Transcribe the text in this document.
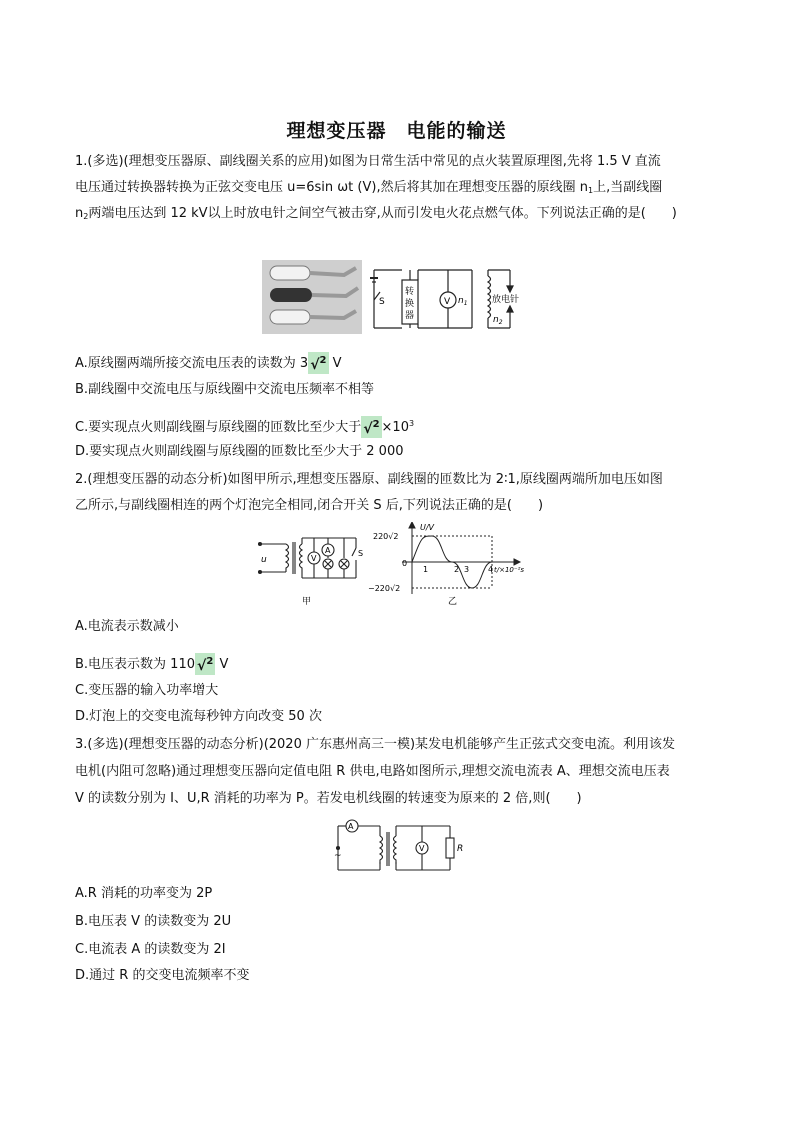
理想变压器　电能的输送
1.(多选)(理想变压器原、副线圈关系的应用)如图为日常生活中常见的点火装置原理图,先将 1.5 V 直流
电压通过转换器转换为正弦交变电压 u=6sin ωt (V),然后将其加在理想变压器的原线圈 $n_1$上,当副线圈
$n_2$两端电压达到 12 kV以上时放电针之间空气被击穿,从而引发电火花点燃气体。下列说法正确的是(　　)
S
转
换
器
V $n_1$
$n_2$
放电针
A.原线圈两端所接交流电压表的读数为 3 √$^2$ V
B.副线圈中交流电压与原线圈中交流电压频率不相等
C.要实现点火则副线圈与原线圈的匝数比至少大于 $√^2 \times 10^3$
D.要实现点火则副线圈与原线圈的匝数比至少大于 2 000
2.(理想变压器的动态分析)如图甲所示,理想变压器原、副线圈的匝数比为 2∶1,原线圈两端所加电压如图
乙所示,与副线圈相连的两个灯泡完全相同,闭合开关 S 后,下列说法正确的是(　　)
u	V
A	S
甲
U/V
220√2
0
−220√2
1	2 3 4 t/×10⁻²s
乙
A.电流表示数减小
B.电压表示数为 110 √$^2$ V
C.变压器的输入功率增大
D.灯泡上的交变电流每秒钟方向改变 50 次
3.(多选)(理想变压器的动态分析)(2020 广东惠州高三一模)某发电机能够产生正弦式交变电流。利用该发
电机(内阻可忽略)通过理想变压器向定值电阻 R 供电,电路如图所示,理想交流电流表 A、理想交流电压表
V 的读数分别为 I、U,R 消耗的功率为 P。若发电机线圈的转速变为原来的 2 倍,则(　　)
A
V	R
~
A.R 消耗的功率变为 2P
B.电压表 V 的读数变为 2U
C.电流表 A 的读数变为 2I
D.通过 R 的交变电流频率不变
